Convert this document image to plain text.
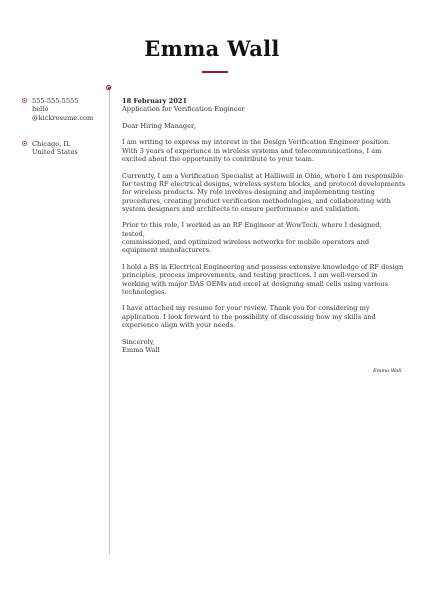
Emma Wall
555-555-5555
hello
@kickresume.com
Chicago, IL
United States
18 February 2021
Application for Verification Engineer

Dear Hiring Manager,

I am writing to express my interest in the Design Verification Engineer position.
With 3 years of experience in wireless systems and telecommunications, I am
excited about the opportunity to contribute to your team.

Currently, I am a Verification Specialist at Halliwell in Ohio, where I am responsible
for testing RF electrical designs, wireless system blocks, and protocol developments
for wireless products. My role involves designing and implementing testing
procedures, creating product verification methodologies, and collaborating with
system designers and architects to ensure performance and validation.

Prior to this role, I worked as an RF Engineer at WowTech, where I designed, tested,
commissioned, and optimized wireless networks for mobile operators and
equipment manufacturers.

I hold a BS in Electrical Engineering and possess extensive knowledge of RF design
principles, process improvements, and testing practices. I am well-versed in
working with major DAS OEMs and excel at designing small cells using various
technologies.

I have attached my resume for your review. Thank you for considering my
application. I look forward to the possibility of discussing how my skills and
experience align with your needs.

Sincerely,
Emma Wall
Emma Wall
